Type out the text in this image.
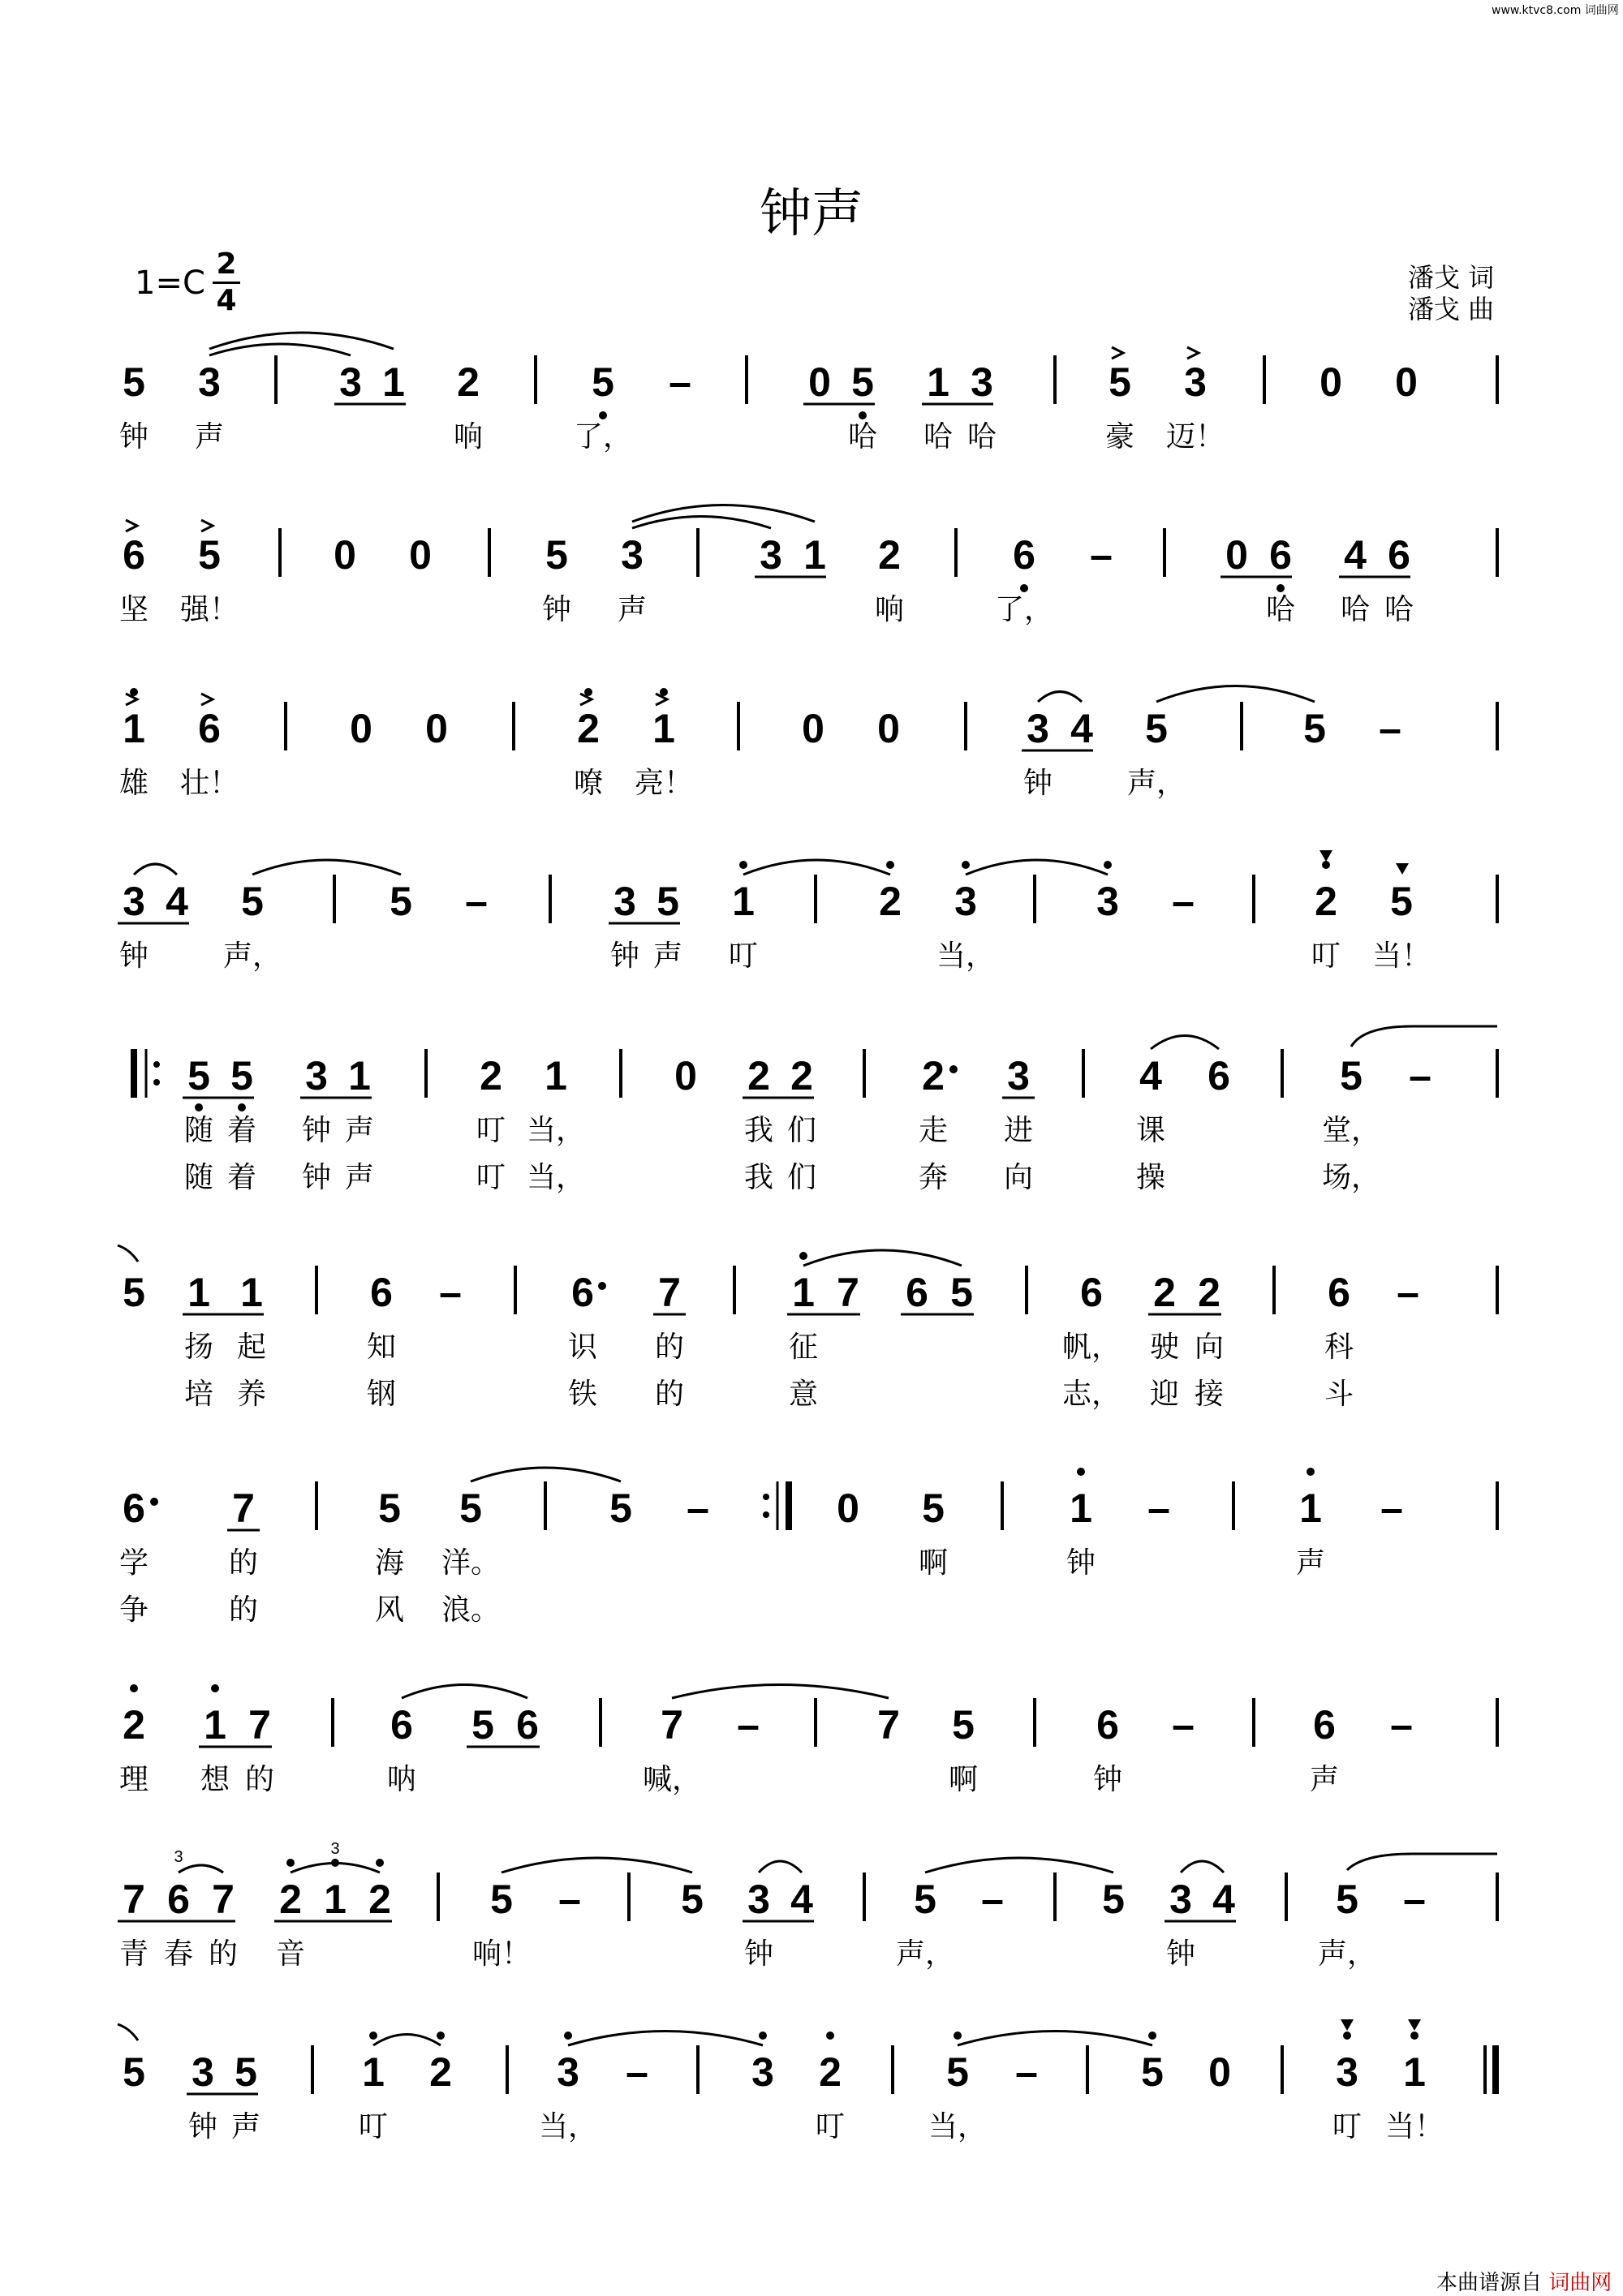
www.ktvc8.com 词曲网
钟声
1=C
2
4
潘戈 词
潘戈 曲
3	3
5 3	3 1 2	5 –	0 5 1 3	5 3	0 0
6 5	0 0	5 3	3 1 2	6 –	0 6 4 6
1 6	0 0	2 1	0 0	3 4 5	5 –
3 4 5	5 –	3 5 1	2 3	3 –	2 5
5 5 3 1	2 1	0 2 2	2 3	4 6	5 –
5 1 1	6 –	6 7	1 7 6 5	6 2 2	6 –
6 7	5 5	5 –	0 5	1 –	1 –
2 1 7	6 5 6	7 –	7 5	6 –	6 –
7 6 7 2 1 2 5 – 5 3 4 5 – 5 3 4 5 –
5 3 5	1 2	3 –	3 2	5 –	5 0	3 1
钟 声	响	了，	哈 哈 哈	豪 迈！
坚 强！	钟 声	响	了，	哈 哈 哈
雄 壮！	嘹 亮！	钟	声，
钟	声，	钟 声 叮	当，	叮 当！
随 着 钟 声	叮 当，	我 们	走 进	课	堂，
随 着 钟 声	叮 当，	我 们	奔 向	操	场，
扬 起	知	识 的	征	帆， 驶 向	科
培 养	钢	铁 的	意	志， 迎 接	斗
学	的	海 洋。	啊	钟	声
争	的	风 浪。
理 想 的	呐	喊，	啊	钟	声
青 春 的 音	响！	钟	声，	钟	声，
钟 声	叮	当，	叮	当，	叮 当！
本曲谱源自 词曲网
